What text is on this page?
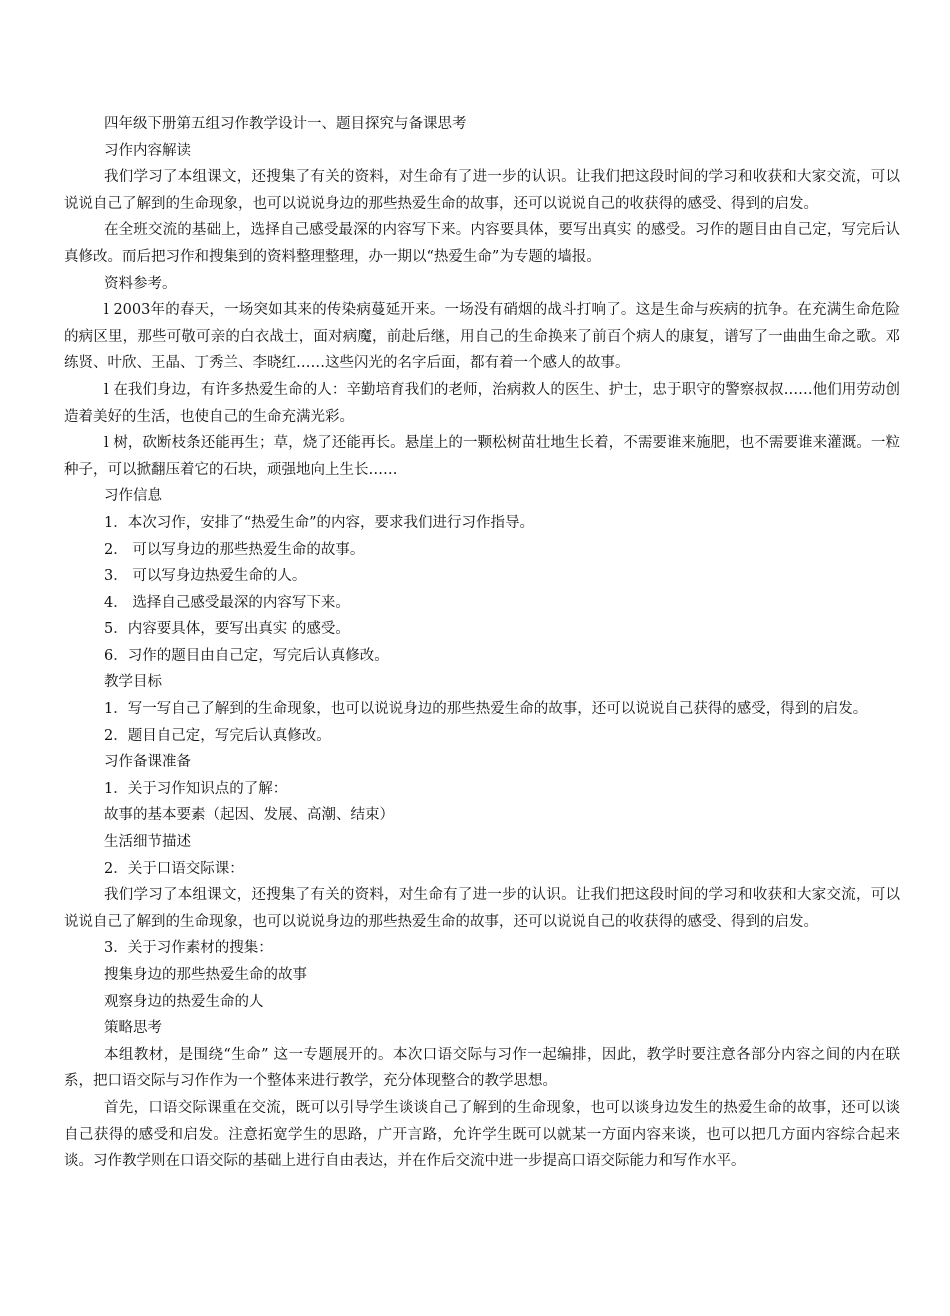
四年级下册第五组习作教学设计一、题目探究与备课思考

习作内容解读

我们学习了本组课文，还搜集了有关的资料，对生命有了进一步的认识。让我们把这段时间的学习和收获和大家交流，可以说说自己了解到的生命现象，也可以说说身边的那些热爱生命的故事，还可以说说自己的收获得的感受、得到的启发。

在全班交流的基础上，选择自己感受最深的内容写下来。内容要具体，要写出真实 的感受。习作的题目由自己定，写完后认真修改。而后把习作和搜集到的资料整理整理，办一期以“热爱生命”为专题的墙报。

资料参考。

l 2003年的春天，一场突如其来的传染病蔓延开来。一场没有硝烟的战斗打响了。这是生命与疾病的抗争。在充满生命危险的病区里，那些可敬可亲的白衣战士，面对病魔，前赴后继，用自己的生命换来了前百个病人的康复，谱写了一曲曲生命之歌。邓练贤、叶欣、王晶、丁秀兰、李晓红……这些闪光的名字后面，都有着一个感人的故事。

l 在我们身边，有许多热爱生命的人：辛勤培育我们的老师，治病救人的医生、护士，忠于职守的警察叔叔……他们用劳动创造着美好的生活，也使自己的生命充满光彩。

l 树，砍断枝条还能再生；草，烧了还能再长。悬崖上的一颗松树苗壮地生长着，不需要谁来施肥，也不需要谁来灌溉。一粒种子，可以掀翻压着它的石块，顽强地向上生长……

习作信息

1．本次习作，安排了“热爱生命”的内容，要求我们进行习作指导。

2． 可以写身边的那些热爱生命的故事。

3． 可以写身边热爱生命的人。

4． 选择自己感受最深的内容写下来。

5．内容要具体，要写出真实 的感受。

6．习作的题目由自己定，写完后认真修改。

教学目标

1．写一写自己了解到的生命现象，也可以说说身边的那些热爱生命的故事，还可以说说自己获得的感受，得到的启发。

2．题目自己定，写完后认真修改。

习作备课准备

1．关于习作知识点的了解：

故事的基本要素（起因、发展、高潮、结束）

生活细节描述

2．关于口语交际课：

我们学习了本组课文，还搜集了有关的资料，对生命有了进一步的认识。让我们把这段时间的学习和收获和大家交流，可以说说自己了解到的生命现象，也可以说说身边的那些热爱生命的故事，还可以说说自己的收获得的感受、得到的启发。

3．关于习作素材的搜集：

搜集身边的那些热爱生命的故事

观察身边的热爱生命的人

策略思考

本组教材，是围绕“生命” 这一专题展开的。本次口语交际与习作一起编排，因此，教学时要注意各部分内容之间的内在联系，把口语交际与习作作为一个整体来进行教学，充分体现整合的教学思想。

首先，口语交际课重在交流，既可以引导学生谈谈自己了解到的生命现象，也可以谈身边发生的热爱生命的故事，还可以谈自己获得的感受和启发。注意拓宽学生的思路，广开言路，允许学生既可以就某一方面内容来谈，也可以把几方面内容综合起来谈。习作教学则在口语交际的基础上进行自由表达，并在作后交流中进一步提高口语交际能力和写作水平。
